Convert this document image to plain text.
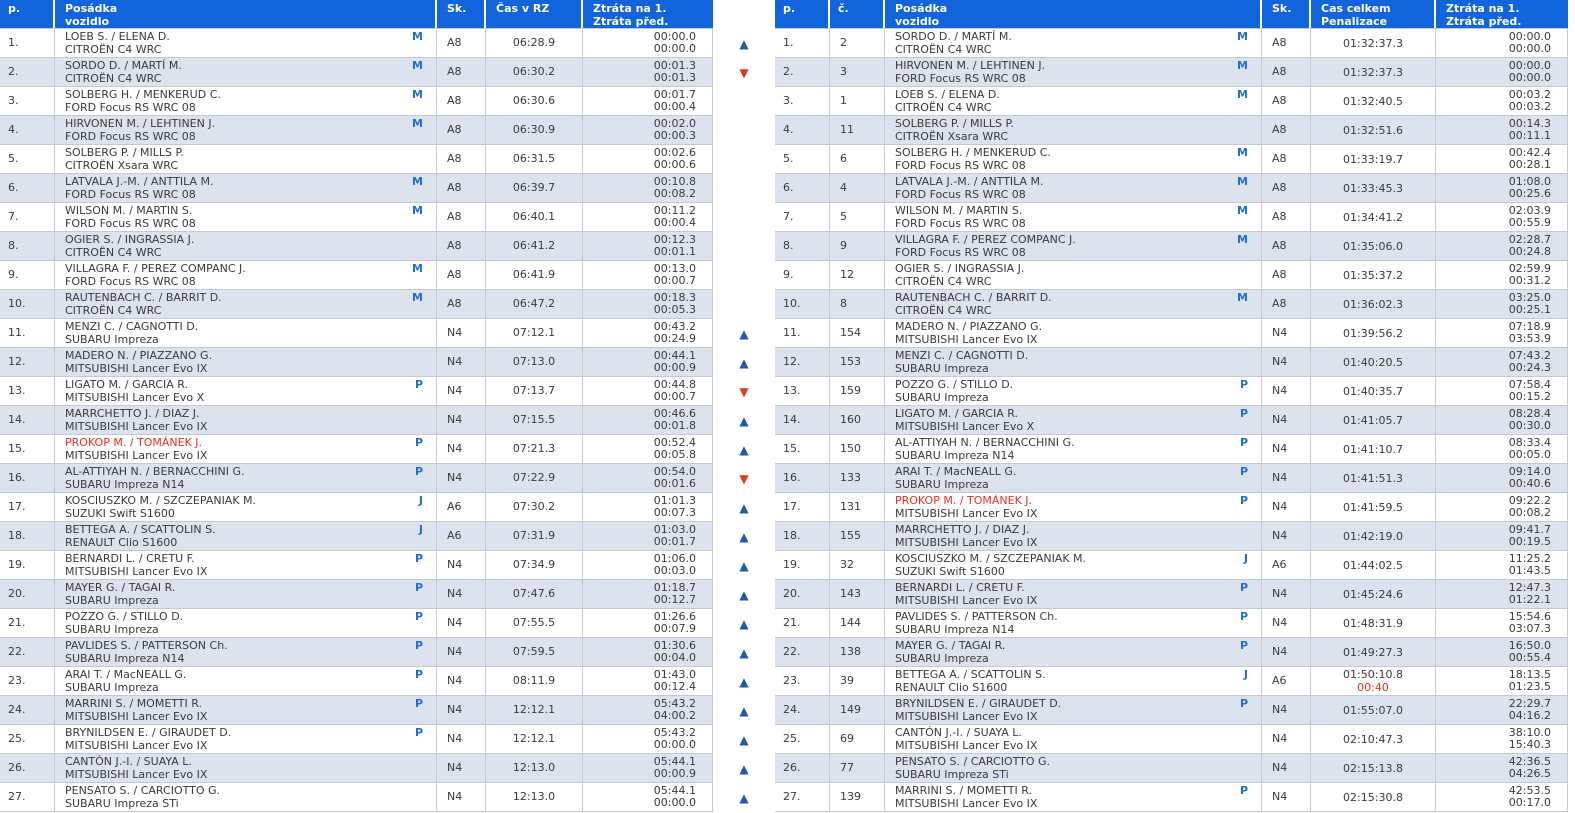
p.	Posádka
vozidlo
Sk.	Čas v RZ	Ztráta na 1.
Ztráta před.
1.	LOEB S. / ELENA D.	M
CITROËN C4 WRC
A8	06:28.9	00:00.0
00:00.0
2.	SORDO D. / MARTÍ M.	M
CITROËN C4 WRC
A8	06:30.2	00:01.3
00:01.3
3.	SOLBERG H. / MENKERUD C.	M
FORD Focus RS WRC 08
A8	06:30.6	00:01.7
00:00.4
4.	HIRVONEN M. / LEHTINEN J.	M
FORD Focus RS WRC 08
A8	06:30.9	00:02.0
00:00.3
5.	SOLBERG P. / MILLS P.
CITROËN Xsara WRC
A8	06:31.5	00:02.6
00:00.6
6.	LATVALA J.-M. / ANTTILA M.	M
FORD Focus RS WRC 08
A8	06:39.7	00:10.8
00:08.2
7.	WILSON M. / MARTIN S.	M
FORD Focus RS WRC 08
A8	06:40.1	00:11.2
00:00.4
8.	OGIER S. / INGRASSIA J.
CITROËN C4 WRC
A8	06:41.2	00:12.3
00:01.1
9.	VILLAGRA F. / PEREZ COMPANC J.	M
FORD Focus RS WRC 08
A8	06:41.9	00:13.0
00:00.7
10.	RAUTENBACH C. / BARRIT D.	M
CITROËN C4 WRC
A8	06:47.2	00:18.3
00:05.3
11.	MENZI C. / CAGNOTTI D.
SUBARU Impreza
N4	07:12.1	00:43.2
00:24.9
12.	MADERO N. / PIAZZANO G.
MITSUBISHI Lancer Evo IX
N4	07:13.0	00:44.1
00:00.9
13.	LIGATO M. / GARCIA R.	P
MITSUBISHI Lancer Evo X
N4	07:13.7	00:44.8
00:00.7
14.	MARRCHETTO J. / DIAZ J.
MITSUBISHI Lancer Evo IX
N4	07:15.5	00:46.6
00:01.8
15.	PROKOP M. / TOMÁNEK J.	P
MITSUBISHI Lancer Evo IX
N4	07:21.3	00:52.4
00:05.8
16.	AL-ATTIYAH N. / BERNACCHINI G.	P
SUBARU Impreza N14
N4	07:22.9	00:54.0
00:01.6
17.	KOSCIUSZKO M. / SZCZEPANIAK M.	J
SUZUKI Swift S1600
A6	07:30.2	01:01.3
00:07.3
18.	BETTEGA A. / SCATTOLIN S.	J
RENAULT Clio S1600
A6	07:31.9	01:03.0
00:01.7
19.	BERNARDI L. / CRETU F.	P
MITSUBISHI Lancer Evo IX
N4	07:34.9	01:06.0
00:03.0
20.	MAYER G. / TAGAI R.	P
SUBARU Impreza
N4	07:47.6	01:18.7
00:12.7
21.	POZZO G. / STILLO D.	P
SUBARU Impreza
N4	07:55.5	01:26.6
00:07.9
22.	PAVLIDES S. / PATTERSON Ch.	P
SUBARU Impreza N14
N4	07:59.5	01:30.6
00:04.0
23.	ARAI T. / MacNEALL G.	P
SUBARU Impreza
N4	08:11.9	01:43.0
00:12.4
24.	MARRINI S. / MOMETTI R.	P
MITSUBISHI Lancer Evo IX
N4	12:12.1	05:43.2
04:00.2
25.	BRYNILDSEN E. / GIRAUDET D.	P
MITSUBISHI Lancer Evo IX
N4	12:12.1	05:43.2
00:00.0
26.	CANTÓN J.-I. / SUAYA L.
MITSUBISHI Lancer Evo IX
N4	12:13.0	05:44.1
00:00.9
27.	PENSATO S. / CARCIOTTO G.
SUBARU Impreza STi
N4	12:13.0	05:44.1
00:00.0
▲
▼
▲
▲
▼
▲
▲
▼
▲
▲
▲
▲
▲
▲
▲
▲
▲
▲
▲
p.	č.	Posádka
vozidlo
Sk.	Cas celkem
Penalizace
Ztráta na 1.
Ztráta před.
1.	2	SORDO D. / MARTÍ M.	M
CITROËN C4 WRC
A8	01:32:37.3
00:00.0
00:00.0
2.	3	HIRVONEN M. / LEHTINEN J.	M
FORD Focus RS WRC 08
A8	01:32:37.3
00:00.0
00:00.0
3.	1	LOEB S. / ELENA D.	M
CITROËN C4 WRC
A8	01:32:40.5
00:03.2
00:03.2
4.	11	SOLBERG P. / MILLS P.
CITROËN Xsara WRC
A8	01:32:51.6
00:14.3
00:11.1
5.	6	SOLBERG H. / MENKERUD C.	M
FORD Focus RS WRC 08
A8	01:33:19.7
00:42.4
00:28.1
6.	4	LATVALA J.-M. / ANTTILA M.	M
FORD Focus RS WRC 08
A8	01:33:45.3
01:08.0
00:25.6
7.	5	WILSON M. / MARTIN S.	M
FORD Focus RS WRC 08
A8	01:34:41.2
02:03.9
00:55.9
8.	9	VILLAGRA F. / PEREZ COMPANC J.	M
FORD Focus RS WRC 08
A8	01:35:06.0
02:28.7
00:24.8
9.	12	OGIER S. / INGRASSIA J.
CITROËN C4 WRC
A8	01:35:37.2
02:59.9
00:31.2
10.	8	RAUTENBACH C. / BARRIT D.	M
CITROËN C4 WRC
A8	01:36:02.3
03:25.0
00:25.1
11.	154	MADERO N. / PIAZZANO G.
MITSUBISHI Lancer Evo IX
N4	01:39:56.2
07:18.9
03:53.9
12.	153	MENZI C. / CAGNOTTI D.
SUBARU Impreza
N4	01:40:20.5
07:43.2
00:24.3
13.	159	POZZO G. / STILLO D.	P
SUBARU Impreza
N4	01:40:35.7
07:58.4
00:15.2
14.	160	LIGATO M. / GARCIA R.	P
MITSUBISHI Lancer Evo X
N4	01:41:05.7
08:28.4
00:30.0
15.	150	AL-ATTIYAH N. / BERNACCHINI G.	P
SUBARU Impreza N14
N4	01:41:10.7
08:33.4
00:05.0
16.	133	ARAI T. / MacNEALL G.	P
SUBARU Impreza
N4	01:41:51.3
09:14.0
00:40.6
17.	131	PROKOP M. / TOMÁNEK J.	P
MITSUBISHI Lancer Evo IX
N4	01:41:59.5
09:22.2
00:08.2
18.	155	MARRCHETTO J. / DIAZ J.
MITSUBISHI Lancer Evo IX
N4	01:42:19.0
09:41.7
00:19.5
19.	32	KOSCIUSZKO M. / SZCZEPANIAK M.	J
SUZUKI Swift S1600
A6	01:44:02.5
11:25.2
01:43.5
20.	143	BERNARDI L. / CRETU F.	P
MITSUBISHI Lancer Evo IX
N4	01:45:24.6
12:47.3
01:22.1
21.	144	PAVLIDES S. / PATTERSON Ch.	P
SUBARU Impreza N14
N4	01:48:31.9
15:54.6
03:07.3
22.	138	MAYER G. / TAGAI R.	P
SUBARU Impreza
N4	01:49:27.3
16:50.0
00:55.4
23.	39	BETTEGA A. / SCATTOLIN S.	J
RENAULT Clio S1600
A6	01:50:10.8
00:40
18:13.5
01:23.5
24.	149	BRYNILDSEN E. / GIRAUDET D.	P
MITSUBISHI Lancer Evo IX
N4	01:55:07.0
22:29.7
04:16.2
25.	69	CANTÓN J.-I. / SUAYA L.
MITSUBISHI Lancer Evo IX
N4	02:10:47.3
38:10.0
15:40.3
26.	77	PENSATO S. / CARCIOTTO G.
SUBARU Impreza STi
N4	02:15:13.8
42:36.5
04:26.5
27.	139	MARRINI S. / MOMETTI R.	P
MITSUBISHI Lancer Evo IX
N4	02:15:30.8
42:53.5
00:17.0
